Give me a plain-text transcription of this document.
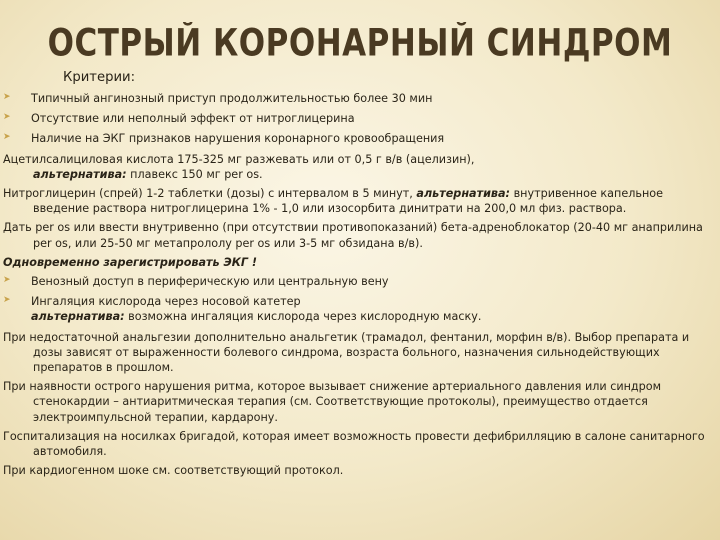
ОСТРЫЙ КОРОНАРНЫЙ СИНДРОМ
Критерии:
➤ Типичный ангинозный приступ продолжительностью более 30 мин
➤ Отсутствие или неполный эффект от нитроглицерина
➤ Наличие на ЭКГ признаков нарушения коронарного кровообращения
Ацетилсалициловая кислота 175-325 мг разжевать или от 0,5 г в/в (ацелизин),
альтернатива: плавекс 150 мг per os.
Нитроглицерин (спрей) 1-2 таблетки (дозы) с интервалом в 5 минут, альтернатива: внутривенное капельное введение раствора нитроглицерина 1% - 1,0 или изосорбита динитрати на 200,0 мл физ. раствора.
Дать per os или ввести внутривенно (при отсутствии противопоказаний) бета-адреноблокатор (20-40 мг анаприлина per os, или 25-50 мг метапрололу per os или 3-5 мг обзидана в/в).
Одновременно зарегистрировать ЭКГ !
➤ Венозный доступ в периферическую или центральную вену
➤ Ингаляция кислорода через носовой катетер
альтернатива: возможна ингаляция кислорода через кислородную маску.
При недостаточной анальгезии дополнительно анальгетик (трамадол, фентанил, морфин в/в). Выбор препарата и дозы зависят от выраженности болевого синдрома, возраста больного, назначения сильнодействующих препаратов в прошлом.
При наявности острого нарушения ритма, которое вызывает снижение артериального давления или синдром стенокардии – антиаритмическая терапия (см. Соответствующие протоколы), преимущество отдается электроимпульсной терапии, кардарону.
Госпитализация на носилках бригадой, которая имеет возможность провести дефибрилляцию в салоне санитарного автомобиля.
При кардиогенном шоке см. соответствующий протокол.
